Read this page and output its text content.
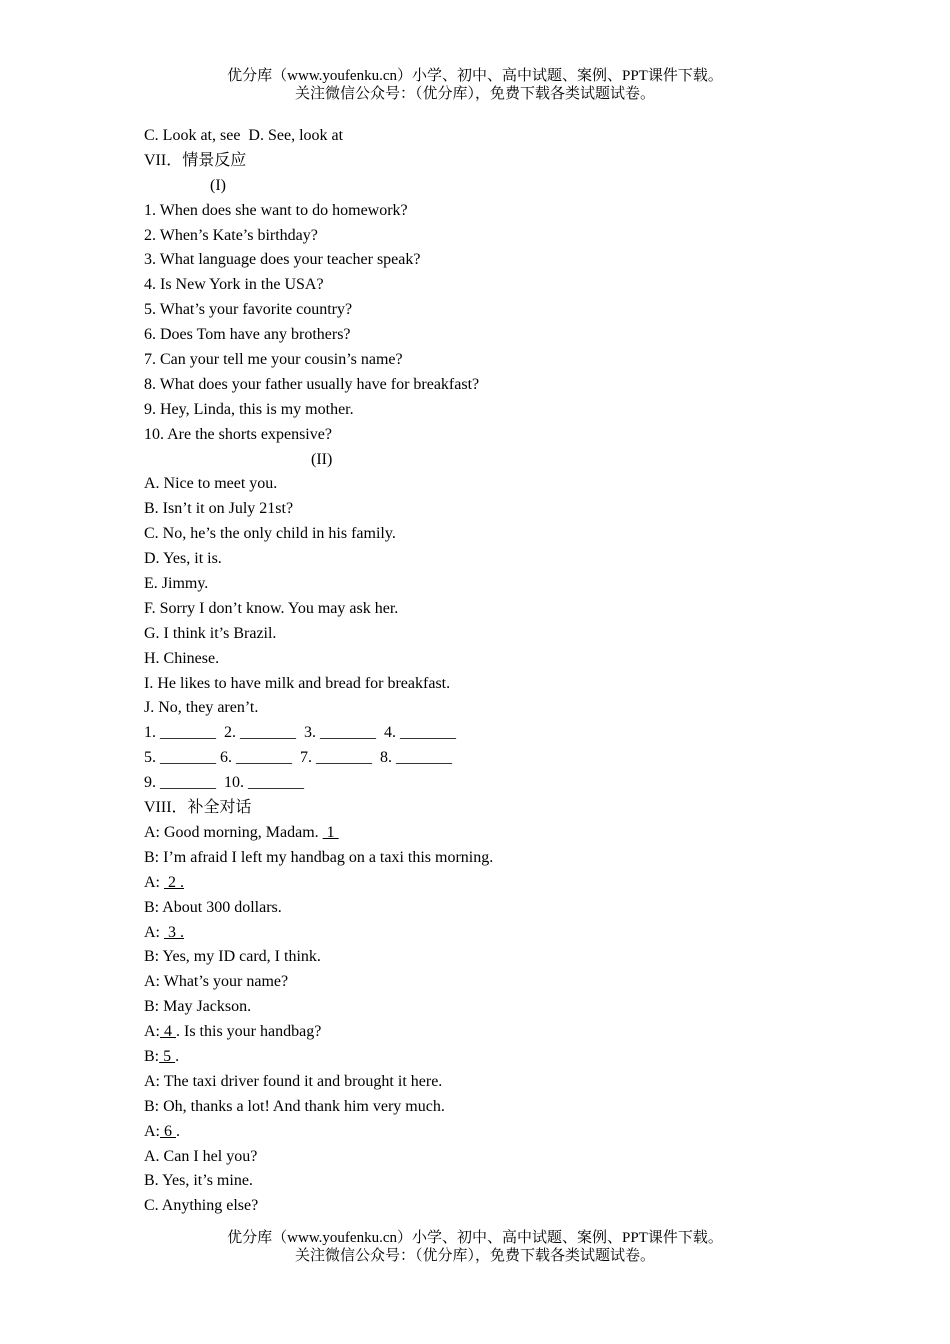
优分库（www.youfenku.cn）小学、初中、高中试题、案例、PPT课件下载。
关注微信公众号：（优分库），免费下载各类试题试卷。
C. Look at, see  D. See, look at
VII．情景反应
(I)
1. When does she want to do homework?
2. When’s Kate’s birthday?
3. What language does your teacher speak?
4. Is New York in the USA?
5. What’s your favorite country?
6. Does Tom have any brothers?
7. Can your tell me your cousin’s name?
8. What does your father usually have for breakfast?
9. Hey, Linda, this is my mother.
10. Are the shorts expensive?
(II)
A. Nice to meet you.
B. Isn’t it on July 21st?
C. No, he’s the only child in his family.
D. Yes, it is.
E. Jimmy.
F. Sorry I don’t know. You may ask her.
G. I think it’s Brazil.
H. Chinese.
I. He likes to have milk and bread for breakfast.
J. No, they aren’t.
1. _______  2. _______  3. _______  4. _______
5. _______ 6. _______  7. _______  8. _______
9. _______  10. _______
VIII．补全对话
A: Good morning, Madam.  1
B: I’m afraid I left my handbag on a taxi this morning.
A:  2 .
B: About 300 dollars.
A:  3 .
B: Yes, my ID card, I think.
A: What’s your name?
B: May Jackson.
A: 4 . Is this your handbag?
B: 5 .
A: The taxi driver found it and brought it here.
B: Oh, thanks a lot! And thank him very much.
A: 6 .
A. Can I hel you?
B. Yes, it’s mine.
C. Anything else?
优分库（www.youfenku.cn）小学、初中、高中试题、案例、PPT课件下载。
关注微信公众号：（优分库），免费下载各类试题试卷。
